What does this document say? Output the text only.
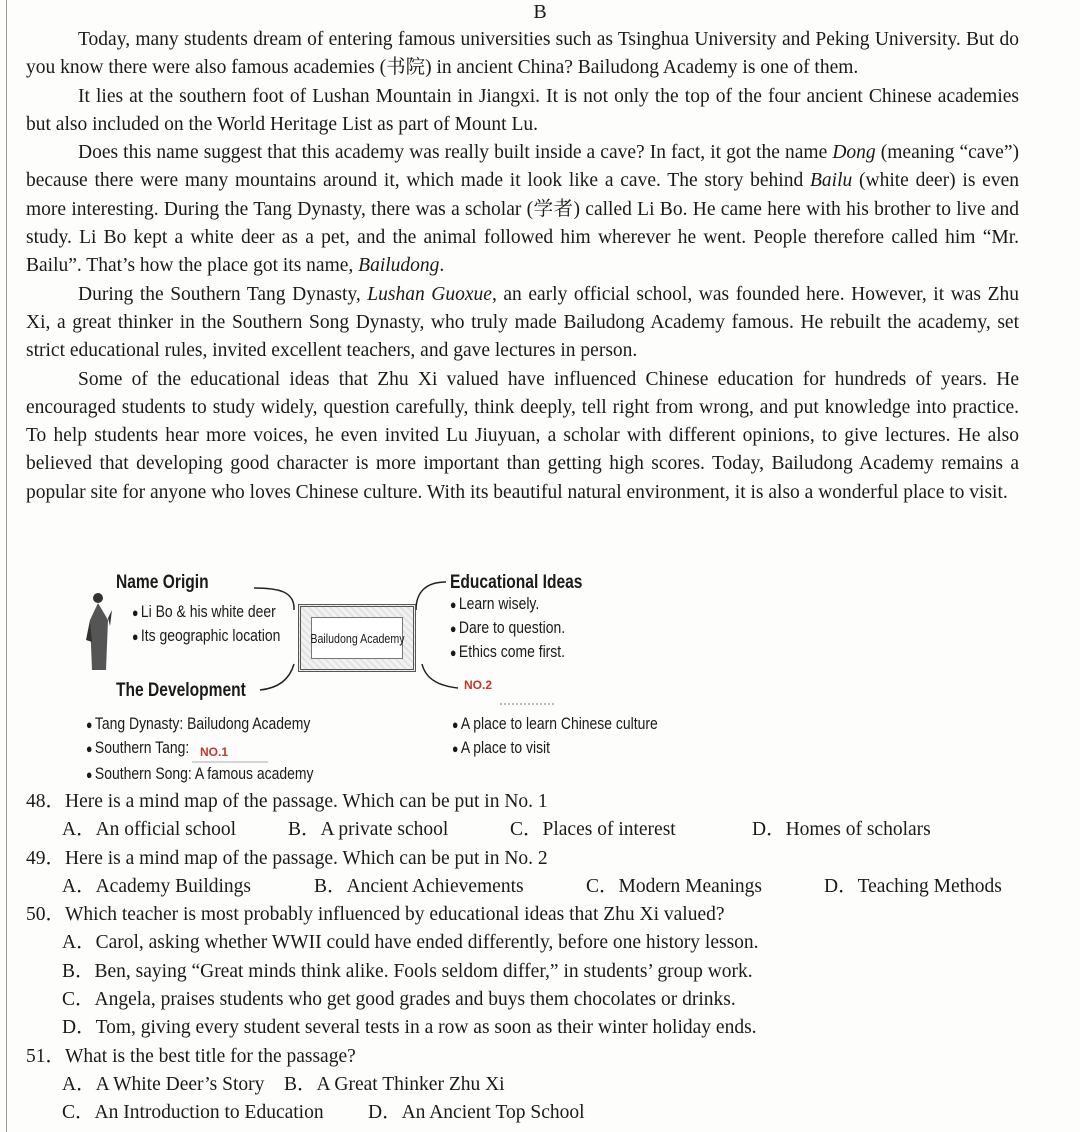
B

Today, many students dream of entering famous universities such as Tsinghua University and Peking University. But do you know there were also famous academies (书院) in ancient China? Bailudong Academy is one of them.

It lies at the southern foot of Lushan Mountain in Jiangxi. It is not only the top of the four ancient Chinese academies but also included on the World Heritage List as part of Mount Lu.

Does this name suggest that this academy was really built inside a cave? In fact, it got the name Dong (meaning “cave”) because there were many mountains around it, which made it look like a cave. The story behind Bailu (white deer) is even more interesting. During the Tang Dynasty, there was a scholar (学者) called Li Bo. He came here with his brother to live and study. Li Bo kept a white deer as a pet, and the animal followed him wherever he went. People therefore called him “Mr. Bailu”. That’s how the place got its name, Bailudong.

During the Southern Tang Dynasty, Lushan Guoxue, an early official school, was founded here. However, it was Zhu Xi, a great thinker in the Southern Song Dynasty, who truly made Bailudong Academy famous. He rebuilt the academy, set strict educational rules, invited excellent teachers, and gave lectures in person.

Some of the educational ideas that Zhu Xi valued have influenced Chinese education for hundreds of years. He encouraged students to study widely, question carefully, think deeply, tell right from wrong, and put knowledge into practice. To help students hear more voices, he even invited Lu Jiuyuan, a scholar with different opinions, to give lectures. He also believed that developing good character is more important than getting high scores. Today, Bailudong Academy remains a popular site for anyone who loves Chinese culture. With its beautiful natural environment, it is also a wonderful place to visit.

Name Origin
● Li Bo & his white deer
● Its geographic location Bailudong Academy
Educational Ideas
● Learn wisely.
● Dare to question.
● Ethics come first.
NO.2
The Development
● Tang Dynasty: Bailudong Academy
● Southern Tang: NO.1
● Southern Song: A famous academy
● A place to learn Chinese culture
● A place to visit
48．Here is a mind map of the passage. Which can be put in No. 1
A．An official school	B．A private school	C．Places of interest	D．Homes of scholars
49．Here is a mind map of the passage. Which can be put in No. 2
A．Academy Buildings	B．Ancient Achievements	C．Modern Meanings	D．Teaching Methods
50．Which teacher is most probably influenced by educational ideas that Zhu Xi valued?
A．Carol, asking whether WWII could have ended differently, before one history lesson.
B．Ben, saying “Great minds think alike. Fools seldom differ,” in students’ group work.
C．Angela, praises students who get good grades and buys them chocolates or drinks.
D．Tom, giving every student several tests in a row as soon as their winter holiday ends.
51．What is the best title for the passage?
A．A White Deer’s Story B．A Great Thinker Zhu Xi
C．An Introduction to Education D．An Ancient Top School
